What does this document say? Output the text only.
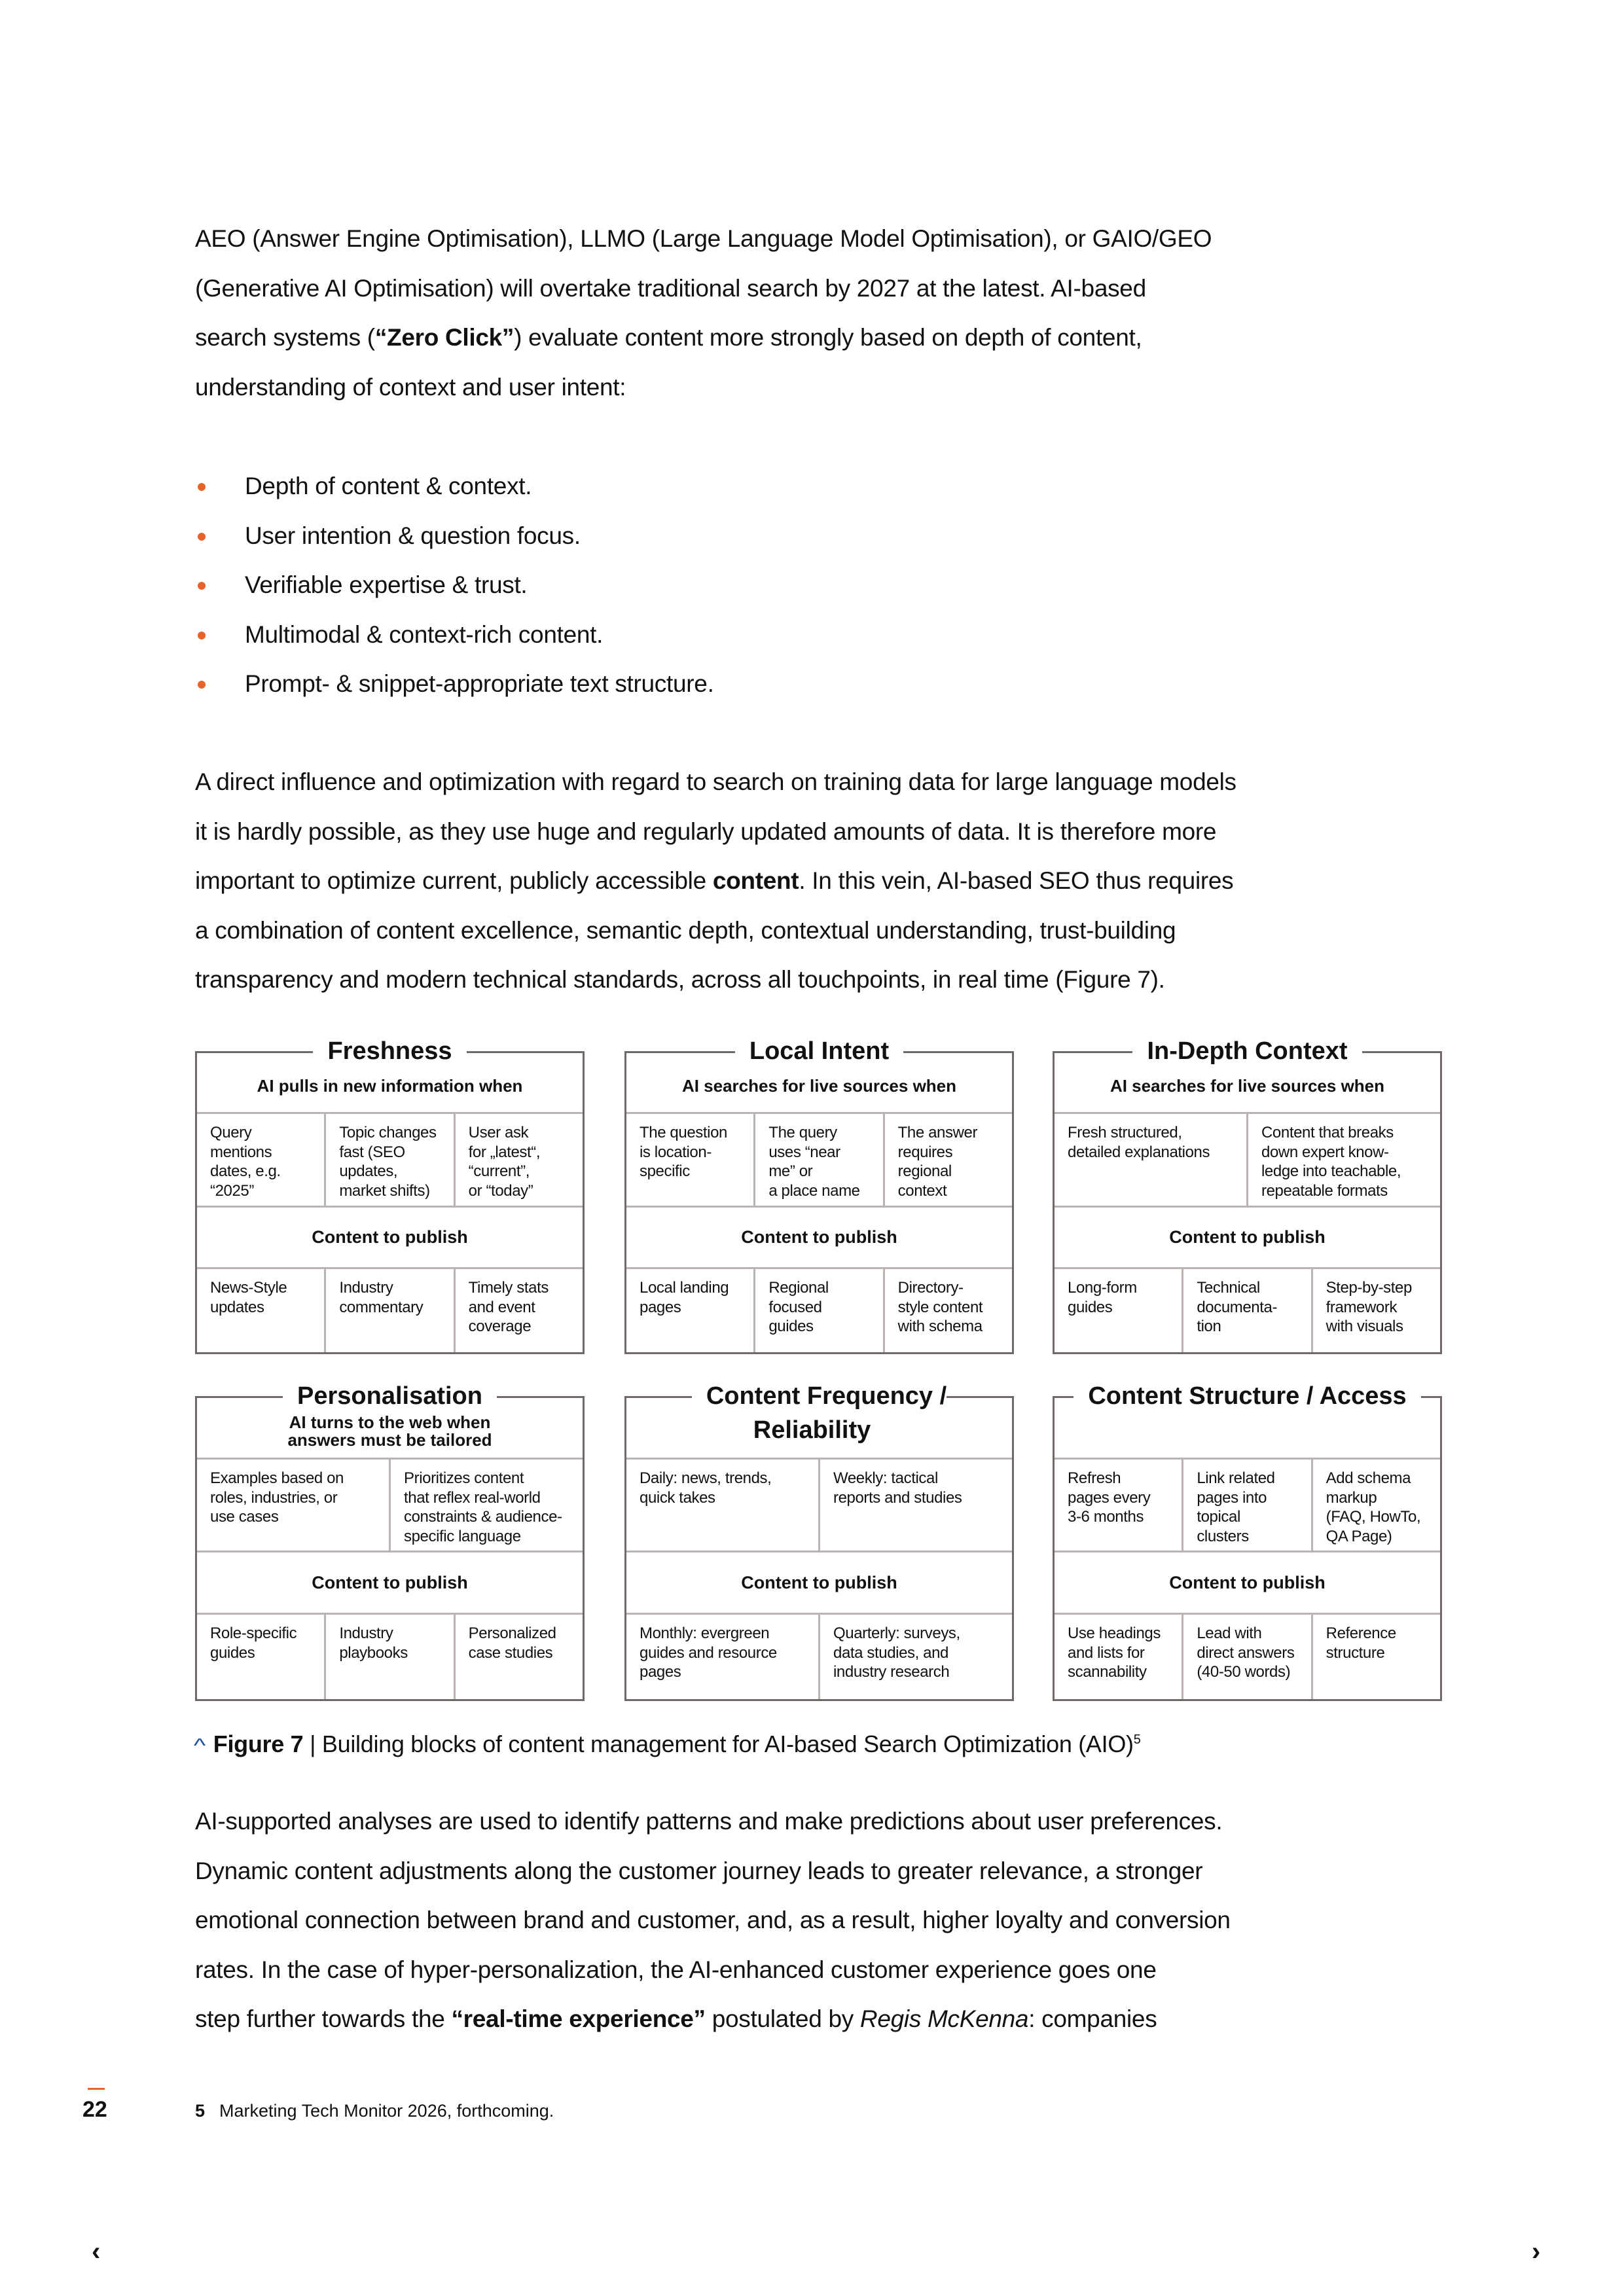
AEO (Answer Engine Optimisation), LLMO (Large Language Model Optimisation), or GAIO/GEO
(Generative AI Optimisation) will overtake traditional search by 2027 at the latest. AI-based
search systems (“Zero Click”) evaluate content more strongly based on depth of content,
understanding of context and user intent:
Depth of content & context.
User intention & question focus.
Verifiable expertise & trust.
Multimodal & context-rich content.
Prompt- & snippet-appropriate text structure.
A direct influence and optimization with regard to search on training data for large language models
it is hardly possible, as they use huge and regularly updated amounts of data. It is therefore more
important to optimize current, publicly accessible content. In this vein, AI-based SEO thus requires
a combination of content excellence, semantic depth, contextual understanding, trust-building
transparency and modern technical standards, across all touchpoints, in real time (Figure 7).
Freshness
AI pulls in new information when
Query
mentions
dates, e.g.
“2025”
Topic changes
fast (SEO
updates,
market shifts)
User ask
for „latest“,
“current”,
or “today”
Content to publish
News-Style
updates
Industry
commentary
Timely stats
and event
coverage
Local Intent
AI searches for live sources when
The question
is location-
specific
The query
uses “near
me” or
a place name
The answer
requires
regional
context
Content to publish
Local landing
pages
Regional
focused
guides
Directory-
style content
with schema
In-Depth Context
AI searches for live sources when
Fresh structured,
detailed explanations
Content that breaks
down expert know-
ledge into teachable,
repeatable formats
Content to publish
Long-form
guides
Technical
documenta-
tion
Step-by-step
framework
with visuals
Personalisation
AI turns to the web when
answers must be tailored
Examples based on
roles, industries, or
use cases
Prioritizes content
that reflex real-world
constraints & audience-
specific language
Content to publish
Role-specific
guides
Industry
playbooks
Personalized
case studies
Content Frequency / Reliability
Daily: news, trends,
quick takes
Weekly: tactical
reports and studies
Content to publish
Monthly: evergreen
guides and resource
pages
Quarterly: surveys,
data studies, and
industry research
Content Structure / Access
Refresh
pages every
3-6 months
Link related
pages into
topical
clusters
Add schema
markup
(FAQ, HowTo,
QA Page)
Content to publish
Use headings
and lists for
scannability
Lead with
direct answers
(40-50 words)
Reference
structure
^ Figure 7 | Building blocks of content management for AI-based Search Optimization (AIO)$^5$
AI-supported analyses are used to identify patterns and make predictions about user preferences.
Dynamic content adjustments along the customer journey leads to greater relevance, a stronger
emotional connection between brand and customer, and, as a result, higher loyalty and conversion
rates. In the case of hyper-personalization, the AI-enhanced customer experience goes one
step further towards the “real-time experience” postulated by Regis McKenna: companies
22	5 Marketing Tech Monitor 2026, forthcoming.
‹	›
